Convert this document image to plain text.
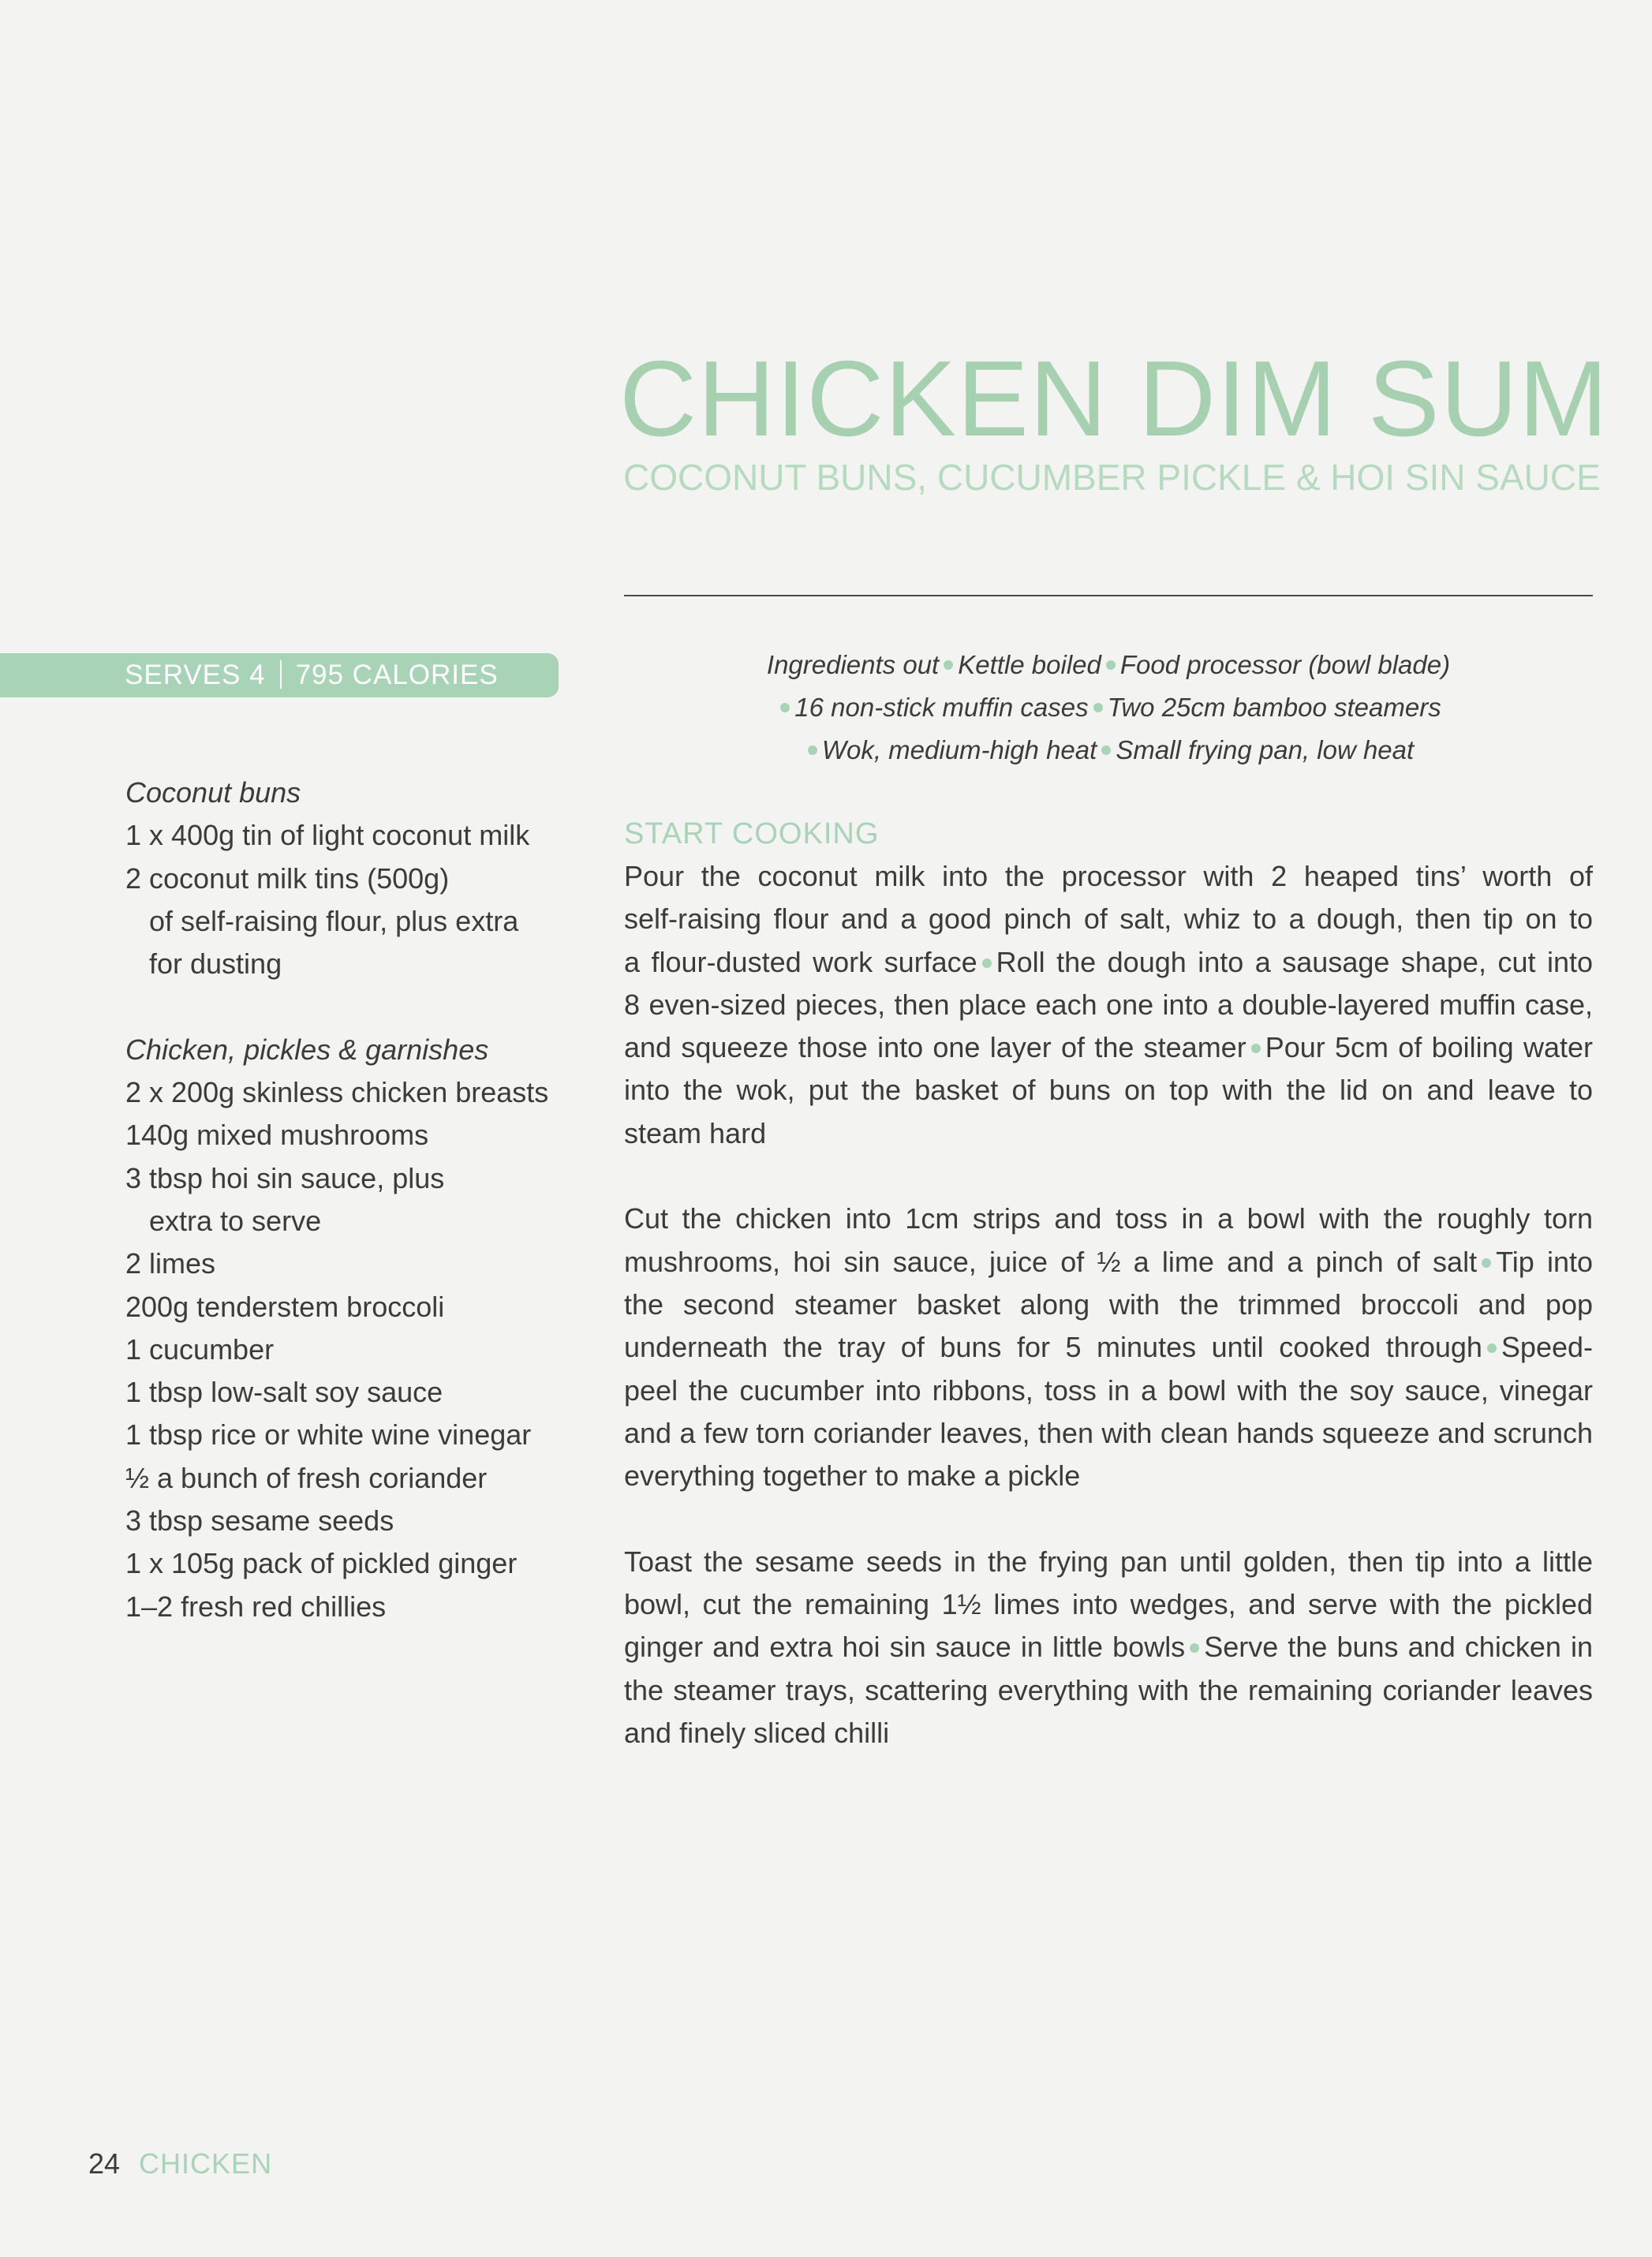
CHICKEN DIM SUM
COCONUT BUNS, CUCUMBER PICKLE & HOI SIN SAUCE
SERVES 4 795 CALORIES	Ingredients out Kettle boiled Food processor (bowl blade)
16 non-stick muffin cases Two 25cm bamboo steamers
Wok, medium-high heat Small frying pan, low heat
Coconut buns
1 x 400g tin of light coconut milk
2 coconut milk tins (500g)
of self-raising flour, plus extra
for dusting
Chicken, pickles & garnishes
2 x 200g skinless chicken breasts
140g mixed mushrooms
3 tbsp hoi sin sauce, plus
extra to serve
2 limes
200g tenderstem broccoli
1 cucumber
1 tbsp low-salt soy sauce
1 tbsp rice or white wine vinegar
½ a bunch of fresh coriander
3 tbsp sesame seeds
1 x 105g pack of pickled ginger
1–2 fresh red chillies
START COOKING
Pour the coconut milk into the processor with 2 heaped tins’ worth of
self-raising flour and a good pinch of salt, whiz to a dough, then tip on to
a flour-dusted work surface Roll the dough into a sausage shape, cut into
8 even-sized pieces, then place each one into a double-layered muffin case,
and squeeze those into one layer of the steamer Pour 5cm of boiling water
into the wok, put the basket of buns on top with the lid on and leave to
steam hard
Cut the chicken into 1cm strips and toss in a bowl with the roughly torn
mushrooms, hoi sin sauce, juice of ½ a lime and a pinch of salt Tip into
the second steamer basket along with the trimmed broccoli and pop
underneath the tray of buns for 5 minutes until cooked through Speed-
peel the cucumber into ribbons, toss in a bowl with the soy sauce, vinegar
and a few torn coriander leaves, then with clean hands squeeze and scrunch
everything together to make a pickle
Toast the sesame seeds in the frying pan until golden, then tip into a little
bowl, cut the remaining 1½ limes into wedges, and serve with the pickled
ginger and extra hoi sin sauce in little bowls Serve the buns and chicken in
the steamer trays, scattering everything with the remaining coriander leaves
and finely sliced chilli
24 CHICKEN
